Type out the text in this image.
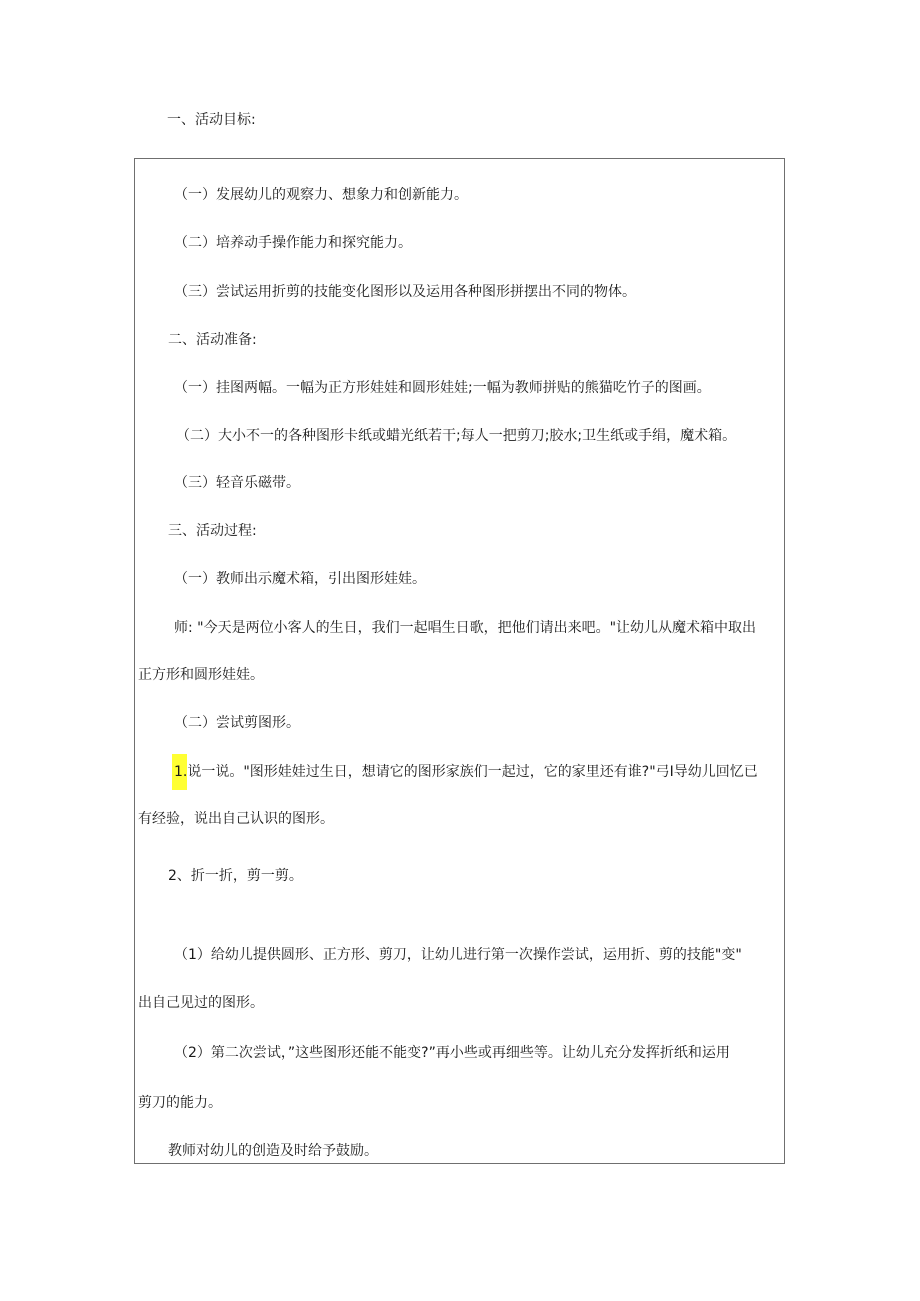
一、活动目标:
（一）发展幼儿的观察力、想象力和创新能力。
（二）培养动手操作能力和探究能力。
（三）尝试运用折剪的技能变化图形以及运用各种图形拼摆出不同的物体。
二、活动准备:
（一）挂图两幅。一幅为正方形娃娃和圆形娃娃;一幅为教师拼贴的熊猫吃竹子的图画。
（二）大小不一的各种图形卡纸或蜡光纸若干;每人一把剪刀;胶水;卫生纸或手绢，魔术箱。
（三）轻音乐磁带。
三、活动过程:
（一）教师出示魔术箱，引出图形娃娃。
师: "今天是两位小客人的生日，我们一起唱生日歌，把他们请出来吧。"让幼儿从魔术箱中取出
正方形和圆形娃娃。
（二）尝试剪图形。
1.说一说。"图形娃娃过生日，想请它的图形家族们一起过，它的家里还有谁?"弓I导幼儿回忆已
有经验，说出自己认识的图形。
2、折一折，剪一剪。
（1）给幼儿提供圆形、正方形、剪刀，让幼儿进行第一次操作尝试，运用折、剪的技能"变"
出自己见过的图形。
（2）第二次尝试，”这些图形还能不能变?”再小些或再细些等。让幼儿充分发挥折纸和运用
剪刀的能力。
教师对幼儿的创造及时给予鼓励。
